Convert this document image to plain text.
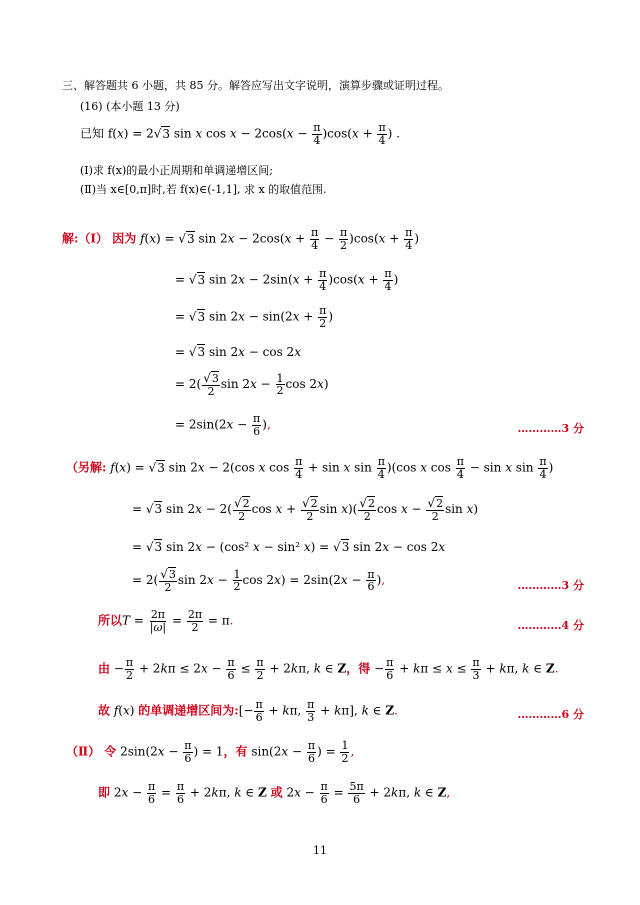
三、解答题共 6 小题，共 85 分。解答应写出文字说明，演算步骤或证明过程。
(16) (本小题 13 分)
已知 f(x) = 2√3 sin x $\cos x - 2\cos(x - \frac{\pi}{4} )\cos(x + \frac{\pi}{4}$ ) .
(Ⅰ)求 f(x)的最小正周期和单调递增区间;
(Ⅱ)当 x∈[0,π]时,若 f(x)∈(-1,1], 求 x 的取值范围.
解:（Ⅰ） 因为 f(x) = √3 $\sin 2x - 2\cos(x + \frac{\pi}{4} - \frac{\pi}{2} )\cos(x + \frac{\pi}{4}$ )
= √3 $\sin 2x - 2\sin(x + \frac{\pi}{4} )\cos(x + \frac{\pi}{4}$ )
= √3 $\sin 2x - \sin(2x + \frac{\pi}{2}$ )
= √3 sin 2x − cos 2x
= $2( \frac{√3}{2}$ $\sin 2x - \frac{1}{2}$ cos 2x)
= $2\sin(2x - \frac{\pi}{6}$ ),	…………3 分
（另解: f(x) = √3 sin 2x − 2(cos x $\cos \frac{\pi}{4} + \sin x$ $\sin \frac{\pi}{4} )(\cos$ x $\cos \frac{\pi}{4} - \sin x$ $\sin \frac{\pi}{4}$ )
= √3 $\sin 2x - 2( \frac{√2}{2}$ $\cos x + \frac{√2}{2}$ $\sin x)( \frac{√2}{2}$ $\cos x - \frac{√2}{2}$ sin x)
= √3 sin 2x − (cos² x − sin² x) = √3 sin 2x − cos 2x
= $2( \frac{√3}{2}$ $\sin 2x - \frac{1}{2}$ $\cos 2x) = 2\sin(2x - \frac{\pi}{6}$ ),	…………3 分
所以$T = \frac{2\pi}{|\omega|} = \frac{2\pi}{2} = \pi$.	…………4 分
由 − $\frac{\pi}{2} + 2k\pi \le 2x - \frac{\pi}{6} \le \frac{\pi}{2} + 2k\pi$, k ∈ Z，得 − $\frac{\pi}{6} + k\pi \le x \le \frac{\pi}{3} + k\pi$, k ∈ Z.
故 f(x) 的单调递增区间为:[− $\frac{\pi}{6} + k\pi$, $\frac{\pi}{3} + k\pi$], k ∈ Z.	…………6 分
（Ⅱ） 令 $2\sin(2x - \frac{\pi}{6}$ ) = 1，有 $\sin(2x - \frac{\pi}{6}$ ) = $\frac{1}{2}$ ,
即 $2x - \frac{\pi}{6} = \frac{\pi}{6} + 2k\pi$, k ∈ Z 或 $2x - \frac{\pi}{6} = \frac{5\pi}{6} + 2k\pi$, k ∈ Z,
11
